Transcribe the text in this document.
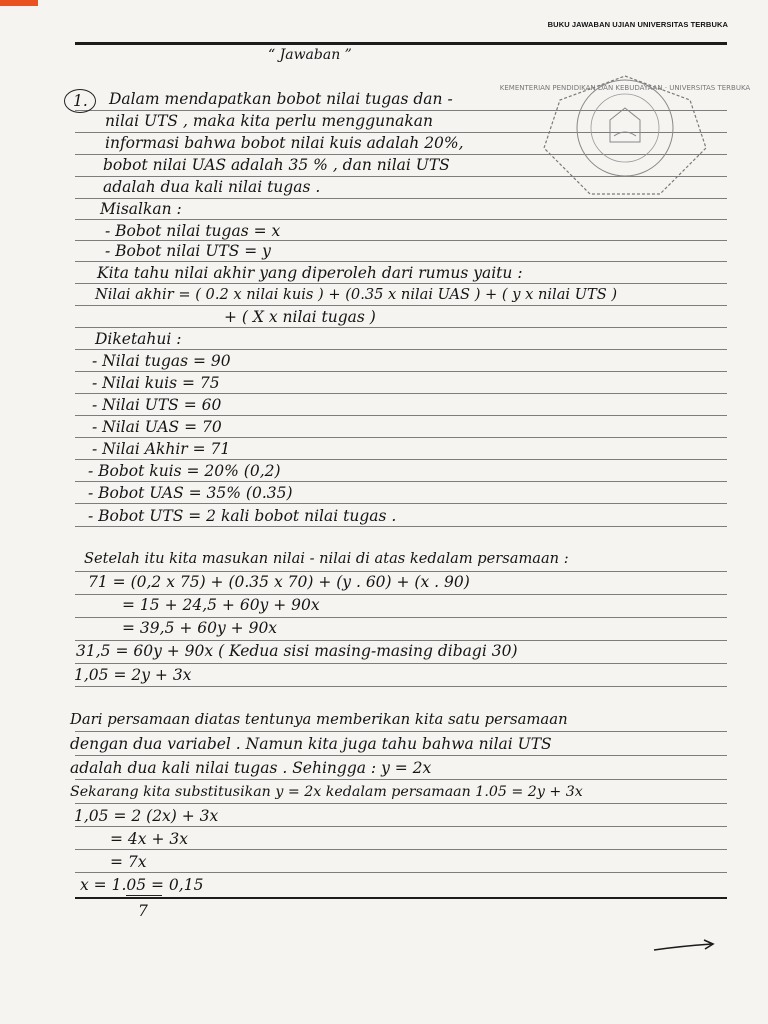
BUKU JAWABAN UJIAN UNIVERSITAS TERBUKA
KEMENTERIAN PENDIDIKAN DAN KEBUDAYAAN · UNIVERSITAS TERBUKA
“ Jawaban ”
1. Dalam mendapatkan bobot nilai tugas dan -
nilai UTS , maka kita perlu menggunakan
informasi bahwa bobot nilai kuis adalah 20%,
bobot nilai UAS adalah 35 % , dan nilai UTS
adalah dua kali nilai tugas .
Misalkan :
- Bobot nilai tugas = x
- Bobot nilai UTS = y
Kita tahu nilai akhir yang diperoleh dari rumus yaitu :
Nilai akhir = ( 0.2 x nilai kuis ) + (0.35 x nilai UAS ) + ( y x nilai UTS )
+ ( X x nilai tugas )
Diketahui :
- Nilai tugas = 90
- Nilai kuis = 75
- Nilai UTS = 60
- Nilai UAS = 70
- Nilai Akhir = 71
- Bobot kuis = 20% (0,2)
- Bobot UAS = 35% (0.35)
- Bobot UTS = 2 kali bobot nilai tugas .
Setelah itu kita masukan nilai - nilai di atas kedalam persamaan :
71 = (0,2 x 75) + (0.35 x 70) + (y . 60) + (x . 90)
= 15 + 24,5 + 60y + 90x
= 39,5 + 60y + 90x
31,5 = 60y + 90x ( Kedua sisi masing-masing dibagi 30)
1,05 = 2y + 3x
Dari persamaan diatas tentunya memberikan kita satu persamaan
dengan dua variabel . Namun kita juga tahu bahwa nilai UTS
adalah dua kali nilai tugas . Sehingga : y = 2x
Sekarang kita substitusikan y = 2x kedalam persamaan 1.05 = 2y + 3x
1,05 = 2 (2x) + 3x
= 4x + 3x
= 7x
x = 1.05 = 0,15
7
